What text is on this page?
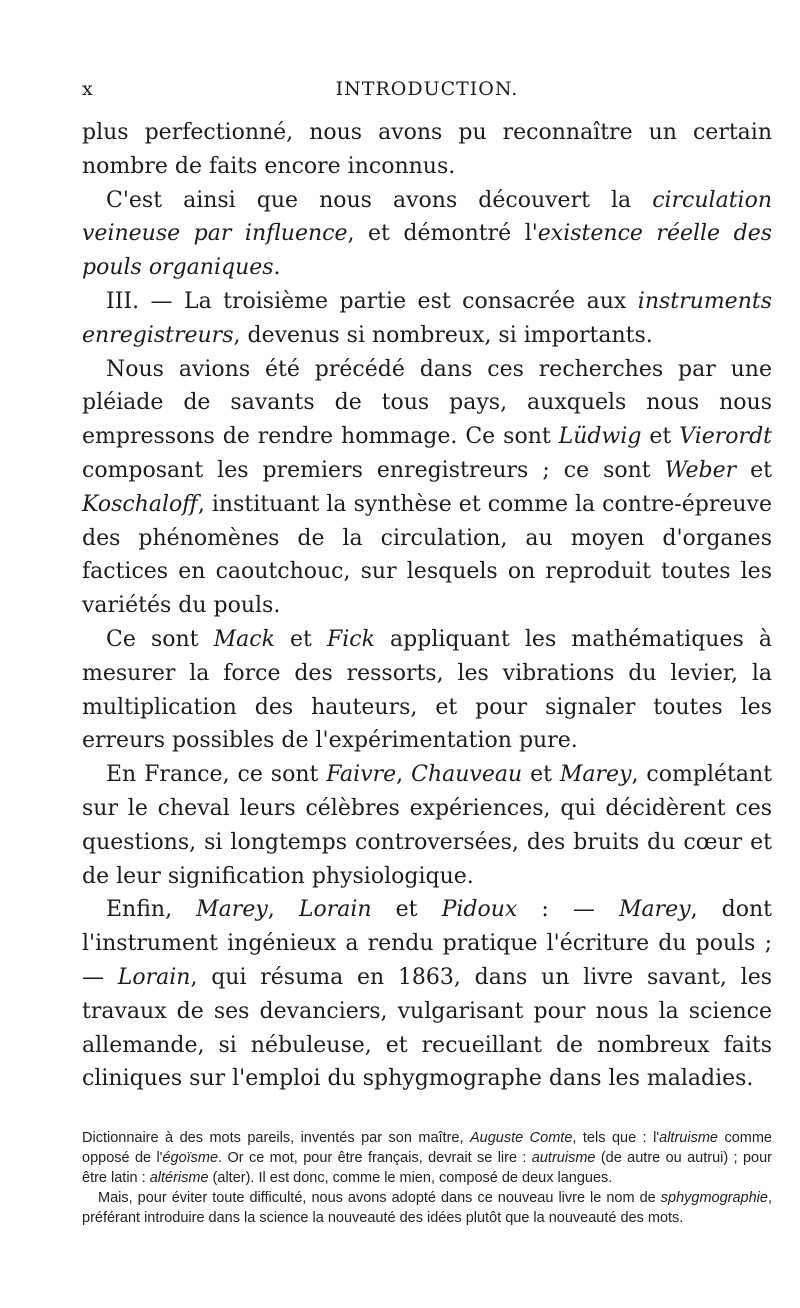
x	INTRODUCTION.

plus perfectionné, nous avons pu reconnaître un certain nombre de faits encore inconnus.

C'est ainsi que nous avons découvert la circulation veineuse par influence, et démontré l'existence réelle des pouls organiques.

III. — La troisième partie est consacrée aux instruments enregistreurs, devenus si nombreux, si importants.

Nous avions été précédé dans ces recherches par une pléiade de savants de tous pays, auxquels nous nous empressons de rendre hommage. Ce sont Lüdwig et Vierordt composant les premiers enregistreurs ; ce sont Weber et Koschaloff, instituant la synthèse et comme la contre-épreuve des phénomènes de la circulation, au moyen d'organes factices en caoutchouc, sur lesquels on reproduit toutes les variétés du pouls.

Ce sont Mack et Fick appliquant les mathématiques à mesurer la force des ressorts, les vibrations du levier, la multiplication des hauteurs, et pour signaler toutes les erreurs possibles de l'expérimentation pure.

En France, ce sont Faivre, Chauveau et Marey, complétant sur le cheval leurs célèbres expériences, qui décidèrent ces questions, si longtemps controversées, des bruits du cœur et de leur signification physiologique.

Enfin, Marey, Lorain et Pidoux : — Marey, dont l'instrument ingénieux a rendu pratique l'écriture du pouls ; — Lorain, qui résuma en 1863, dans un livre savant, les travaux de ses devanciers, vulgarisant pour nous la science allemande, si nébuleuse, et recueillant de nombreux faits cliniques sur l'emploi du sphygmographe dans les maladies.

Dictionnaire à des mots pareils, inventés par son maître, Auguste Comte, tels que : l'altruisme comme opposé de l'égoïsme. Or ce mot, pour être français, devrait se lire : autruisme (de autre ou autrui) ; pour être latin : altérisme (alter). Il est donc, comme le mien, composé de deux langues.

Mais, pour éviter toute difficulté, nous avons adopté dans ce nouveau livre le nom de sphygmographie, préférant introduire dans la science la nouveauté des idées plutôt que la nouveauté des mots.
